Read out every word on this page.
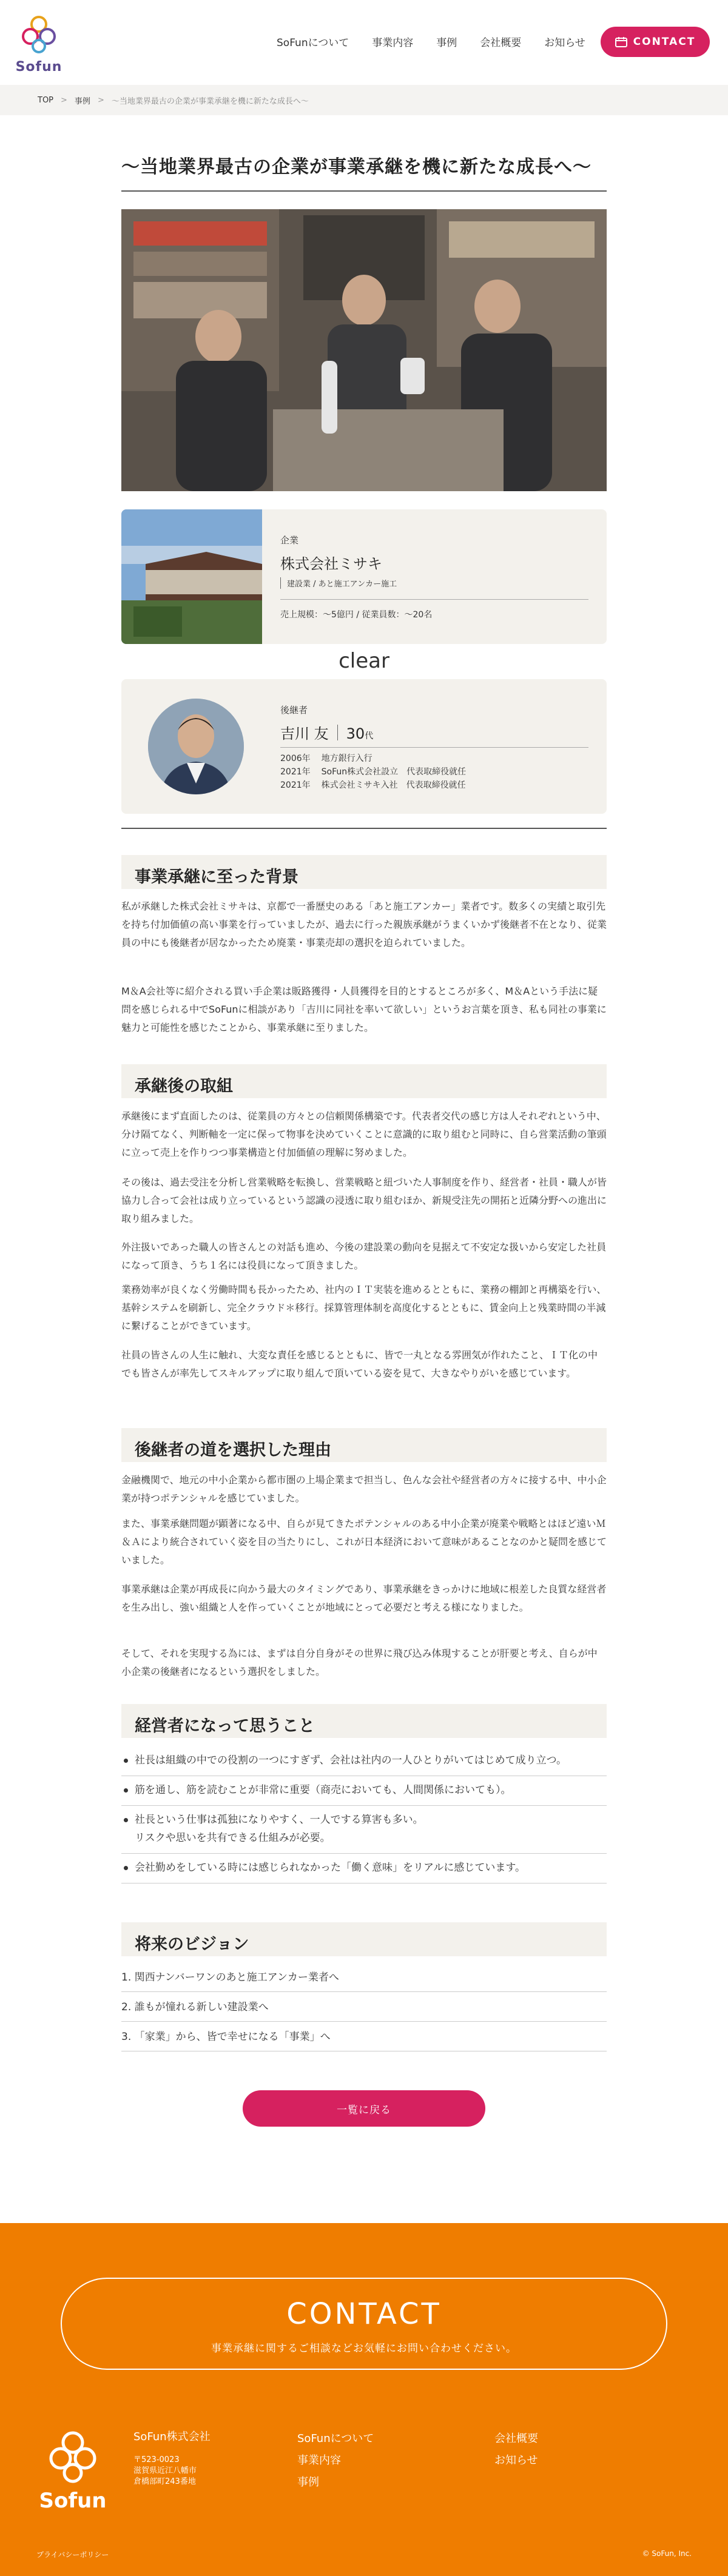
Sofun
SoFunについて 事業内容 事例 会社概要 お知らせ	CONTACT
TOP > 事例 > 〜当地業界最古の企業が事業承継を機に新たな成長へ〜
〜当地業界最古の企業が事業承継を機に新たな成長へ〜
企業
株式会社ミサキ
建設業 / あと施工アンカー施工
売上規模：〜5億円 / 従業員数：〜20名
clear
後継者
吉川 友 30代
2006年 地方銀行入行
2021年 SoFun株式会社設立　代表取締役就任
2021年 株式会社ミサキ入社　代表取締役就任
事業承継に至った背景
私が承継した株式会社ミサキは、京都で一番歴史のある「あと施工アンカー」業者です。数多くの実績と取引先を持ち付加価値の高い事業を行っていましたが、過去に行った親族承継がうまくいかず後継者不在となり、従業員の中にも後継者が居なかったため廃業・事業売却の選択を迫られていました。
M＆A会社等に紹介される買い手企業は販路獲得・人員獲得を目的とするところが多く、M＆Aという手法に疑問を感じられる中でSoFunに相談があり「吉川に同社を率いて欲しい」というお言葉を頂き、私も同社の事業に魅力と可能性を感じたことから、事業承継に至りました。
承継後の取組
承継後にまず直面したのは、従業員の方々との信頼関係構築です。代表者交代の感じ方は人それぞれという中、分け隔てなく、判断軸を一定に保って物事を決めていくことに意識的に取り組むと同時に、自ら営業活動の筆頭に立って売上を作りつつ事業構造と付加価値の理解に努めました。
その後は、過去受注を分析し営業戦略を転換し、営業戦略と紐づいた人事制度を作り、経営者・社員・職人が皆協力し合って会社は成り立っているという認識の浸透に取り組むほか、新規受注先の開拓と近隣分野への進出に取り組みました。
外注扱いであった職人の皆さんとの対話も進め、今後の建設業の動向を見据えて不安定な扱いから安定した社員になって頂き、うち１名には役員になって頂きました。
業務効率が良くなく労働時間も長かったため、社内のＩＴ実装を進めるとともに、業務の棚卸と再構築を行い、基幹システムを刷新し、完全クラウド＊移行。採算管理体制を高度化するとともに、賃金向上と残業時間の半減に繋げることができています。
社員の皆さんの人生に触れ、大変な責任を感じるとともに、皆で一丸となる雰囲気が作れたこと、ＩＴ化の中でも皆さんが率先してスキルアップに取り組んで頂いている姿を見て、大きなやりがいを感じています。
後継者の道を選択した理由
金融機関で、地元の中小企業から都市圏の上場企業まで担当し、色んな会社や経営者の方々に接する中、中小企業が持つポテンシャルを感じていました。
また、事業承継問題が顕著になる中、自らが見てきたポテンシャルのある中小企業が廃業や戦略とはほど遠いＭ＆Ａにより統合されていく姿を目の当たりにし、これが日本経済において意味があることなのかと疑問を感じていました。
事業承継は企業が再成長に向かう最大のタイミングであり、事業承継をきっかけに地域に根差した良質な経営者を生み出し、強い組織と人を作っていくことが地域にとって必要だと考える様になりました。
そして、それを実現する為には、まずは自分自身がその世界に飛び込み体現することが肝要と考え、自らが中小企業の後継者になるという選択をしました。
経営者になって思うこと
社長は組織の中での役割の一つにすぎず、会社は社内の一人ひとりがいてはじめて成り立つ。
筋を通し、筋を読むことが非常に重要（商売においても、人間関係においても）。
社長という仕事は孤独になりやすく、一人でする算害も多い。
リスクや思いを共有できる仕組みが必要。
会社勤めをしている時には感じられなかった「働く意味」をリアルに感じています。
将来のビジョン
1. 関西ナンバーワンのあと施工アンカー業者へ
2. 誰もが憧れる新しい建設業へ
3. 「家業」から、皆で幸せになる「事業」へ
一覧に戻る
CONTACT
事業承継に関するご相談などお気軽にお問い合わせください。
Sofun
SoFun株式会社
〒523-0023
滋賀県近江八幡市
倉橋部町243番地
SoFunについて
事業内容
事例
会社概要
お知らせ
プライバシーポリシー	© SoFun, Inc.
